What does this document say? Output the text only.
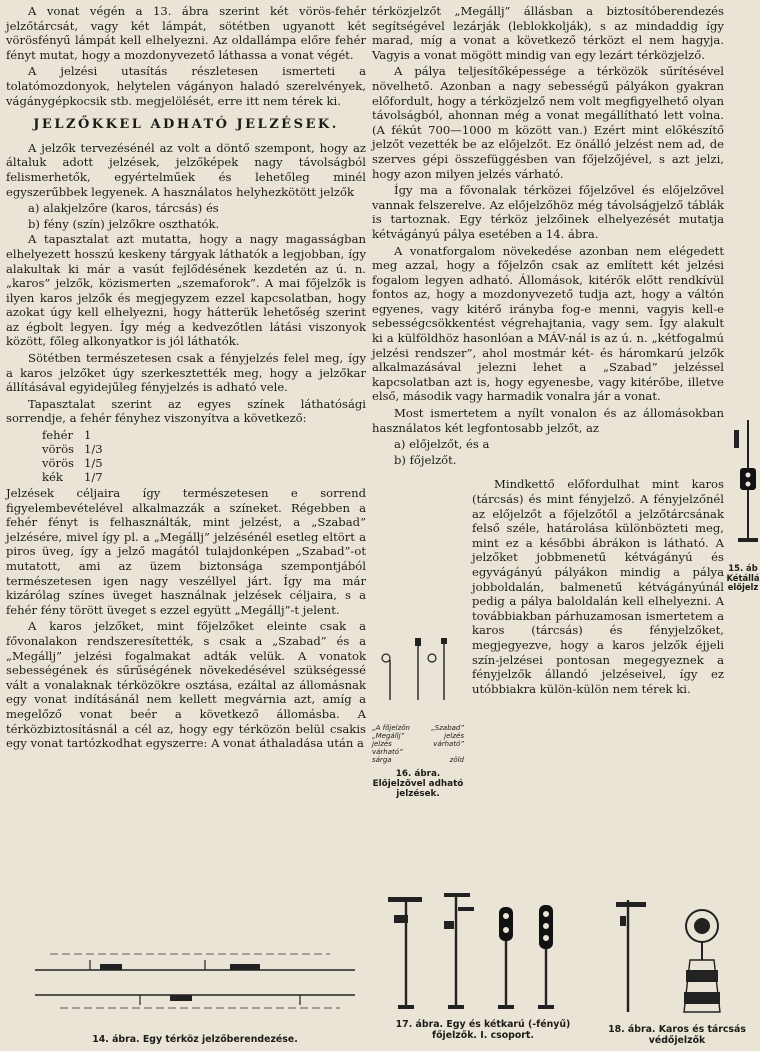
A vonat végén a 13. ábra szerint két vörös-fehér jelzőtárcsát, vagy két lámpát, sötétben ugyanott két vörösfényű lámpát kell elhelyezni. Az oldallámpa előre fehér fényt mutat, hogy a mozdonyvezető láthassa a vonat végét.

A jelzési utasítás részletesen ismerteti a tolatómozdonyok, helytelen vágányon haladó szerelvények, vágánygépkocsik stb. megjelölését, erre itt nem térek ki.

JELZŐKKEL ADHATÓ JELZÉSEK.

A jelzők tervezésénél az volt a döntő szempont, hogy az általuk adott jelzések, jelzőképek nagy távolságból felismerhetők, egyértelműek és lehetőleg minél egyszerűbbek legyenek. A használatos helyhezkötött jelzők

a) alakjelzőre (karos, tárcsás) és

b) fény (szín) jelzőkre oszthatók.

A tapasztalat azt mutatta, hogy a nagy magasságban elhelyezett hosszú keskeny tárgyak láthatók a legjobban, így alakultak ki már a vasút fejlődésének kezdetén az ú. n. „karos” jelzők, közismerten „szemaforok”. A mai főjelzők is ilyen karos jelzők és megjegyzem ezzel kapcsolatban, hogy azokat úgy kell elhelyezni, hogy hátterük lehetőség szerint az égbolt legyen. Így még a kedvezőtlen látási viszonyok között, főleg alkonyatkor is jól láthatók.

Sötétben természetesen csak a fényjelzés felel meg, így a karos jelzőket úgy szerkesztették meg, hogy a jelzőkar állításával egyidejűleg fényjelzés is adható vele.

Tapasztalat szerint az egyes színek láthatósági sorrendje, a fehér fényhez viszonyítva a következő:

fehér	1
vörös	1/3
vörös	1/5
kék	1/7

Jelzések céljaira így természetesen e sorrend figyelembevételével alkalmazzák a színeket. Régebben a fehér fényt is felhasználták, mint jelzést, a „Szabad” jelzésére, mivel így pl. a „Megállj” jelzésénél esetleg eltört a piros üveg, így a jelző magától tulajdonképen „Szabad”-ot mutatott, ami az üzem biztonsága szempontjából természetesen igen nagy veszéllyel járt. Így ma már kizárólag színes üveget használnak jelzések céljaira, s a fehér fény törött üveget s ezzel együtt „Megállj”-t jelent.

A karos jelzőket, mint főjelzőket eleinte csak a fővonalakon rendszeresítették, s csak a „Szabad” és a „Megállj” jelzési fogalmakat adták velük. A vonatok sebességének és sűrűségének növekedésével szükségessé vált a vonalaknak térközökre osztása, ezáltal az állomásnak egy vonat indításánál nem kellett megvárnia azt, amíg a megelőző vonat beér a következő állomásba. A térközbiztosításnál a cél az, hogy egy térközön belül csakis egy vonat tartózkodhat egyszerre: A vonat áthaladása után a

térközjelzőt „Megállj” állásban a biztosítóberendezés segítségével lezárják (leblokkolják), s az mindaddig így marad, míg a vonat a következő térközt el nem hagyja. Vagyis a vonat mögött mindig van egy lezárt térközjelző.

A pálya teljesítőképessége a térközök sűrítésével növelhető. Azonban a nagy sebességű pályákon gyakran előfordult, hogy a térközjelző nem volt megfigyelhető olyan távolságból, ahonnan még a vonat megállítható lett volna. (A fékút 700—1000 m között van.) Ezért mint előkészítő jelzőt vezették be az előjelzőt. Ez önálló jelzést nem ad, de szerves gépi összefüggésben van főjelzőjével, s azt jelzi, hogy azon milyen jelzés várható.

Így ma a fővonalak térközei főjelzővel és előjelzővel vannak felszerelve. Az előjelzőhöz még távolságjelző táblák is tartoznak. Egy térköz jelzőinek elhelyezését mutatja kétvágányú pálya esetében a 14. ábra.

A vonatforgalom növekedése azonban nem elégedett meg azzal, hogy a főjelzőn csak az említett két jelzési fogalom legyen adható. Állomások, kitérők előtt rendkívül fontos az, hogy a mozdonyvezető tudja azt, hogy a váltón egyenes, vagy kitérő irányba fog-e menni, vagyis kell-e sebességcsökkentést végrehajtania, vagy sem. Így alakult ki a külföldhöz hasonlóan a MÁV-nál is az ú. n. „kétfogalmú jelzési rendszer”, ahol mostmár két- és háromkarú jelzők alkalmazásával jelezni lehet a „Szabad” jelzéssel kapcsolatban azt is, hogy egyenesbe, vagy kitérőbe, illetve első, második vagy harmadik vonalra jár a vonat.

Most ismertetem a nyílt vonalon és az állomásokban használatos két legfontosabb jelzőt, az

a) előjelzőt, és a

b) főjelzőt.

Mindkettő előfordulhat mint karos (tárcsás) és mint fényjelző. A fényjelzőnél az előjelzőt a főjelzőtől a jelzőtárcsának felső széle, határolása különbözteti meg, mint ez a későbbi ábrákon is látható. A jelzőket jobbmenetű kétvágányú és egyvágányú pályákon mindig a pálya jobboldalán, balmenetű kétvágányúnál pedig a pálya baloldalán kell elhelyezni. A továbbiakban párhuzamosan ismertetem a karos (tárcsás) és fényjelzőket, megjegyezve, hogy a karos jelzők éjjeli szín-jelzései pontosan megegyeznek a fényjelzők állandó jelzéseivel, így ez utóbbiakra külön-külön nem térek ki.

14. ábra. Egy térköz jelzőberendezése.
15. áb Kétállá előjelz
„A főjelzőn „Megállj” jelzés várható”
„Szabad” jelzés várható”
sárga	zöld
16. ábra. Előjelzővel adható jelzések.
17. ábra. Egy és kétkarú (-fényű) főjelzők. I. csoport.
18. ábra. Karos és tárcsás védőjelzők
